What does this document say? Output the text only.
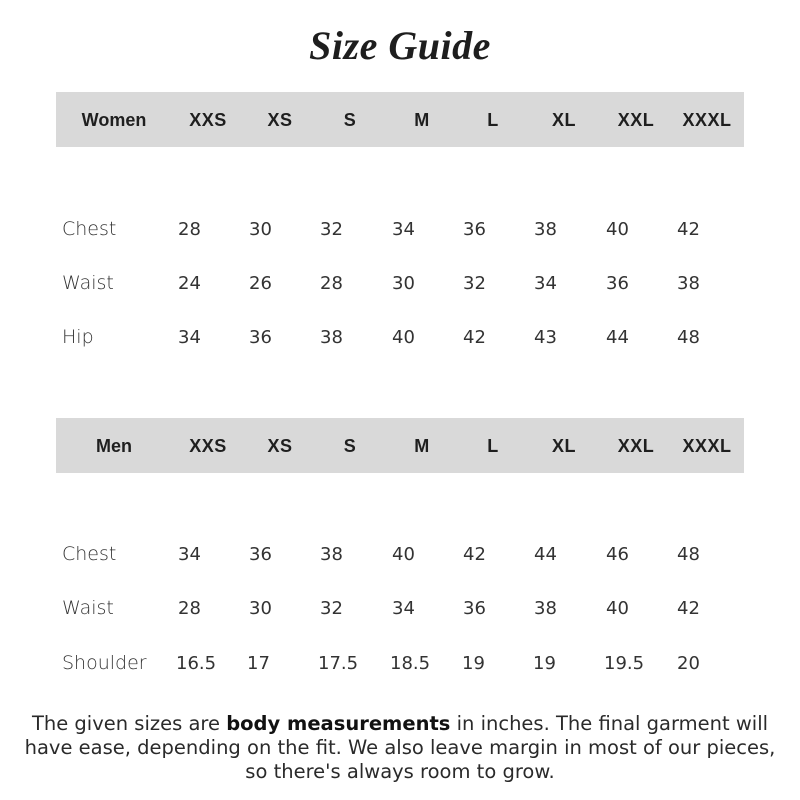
Size Guide
Women	XXS	XS	S	M	L	XL	XXL	XXXL
Chest	28	30	32	34	36	38	40	42
Waist	24	26	28	30	32	34	36	38
Hip	34	36	38	40	42	43	44	48
Men	XXS	XS	S	M	L	XL	XXL	XXXL
Chest	34	36	38	40	42	44	46	48
Waist	28	30	32	34	36	38	40	42
Shoulder 16.5	17	17.5	18.5	19	19	19.5	20
The given sizes are body measurements in inches. The final garment will have ease, depending on the fit. We also leave margin in most of our pieces, so there's always room to grow.
